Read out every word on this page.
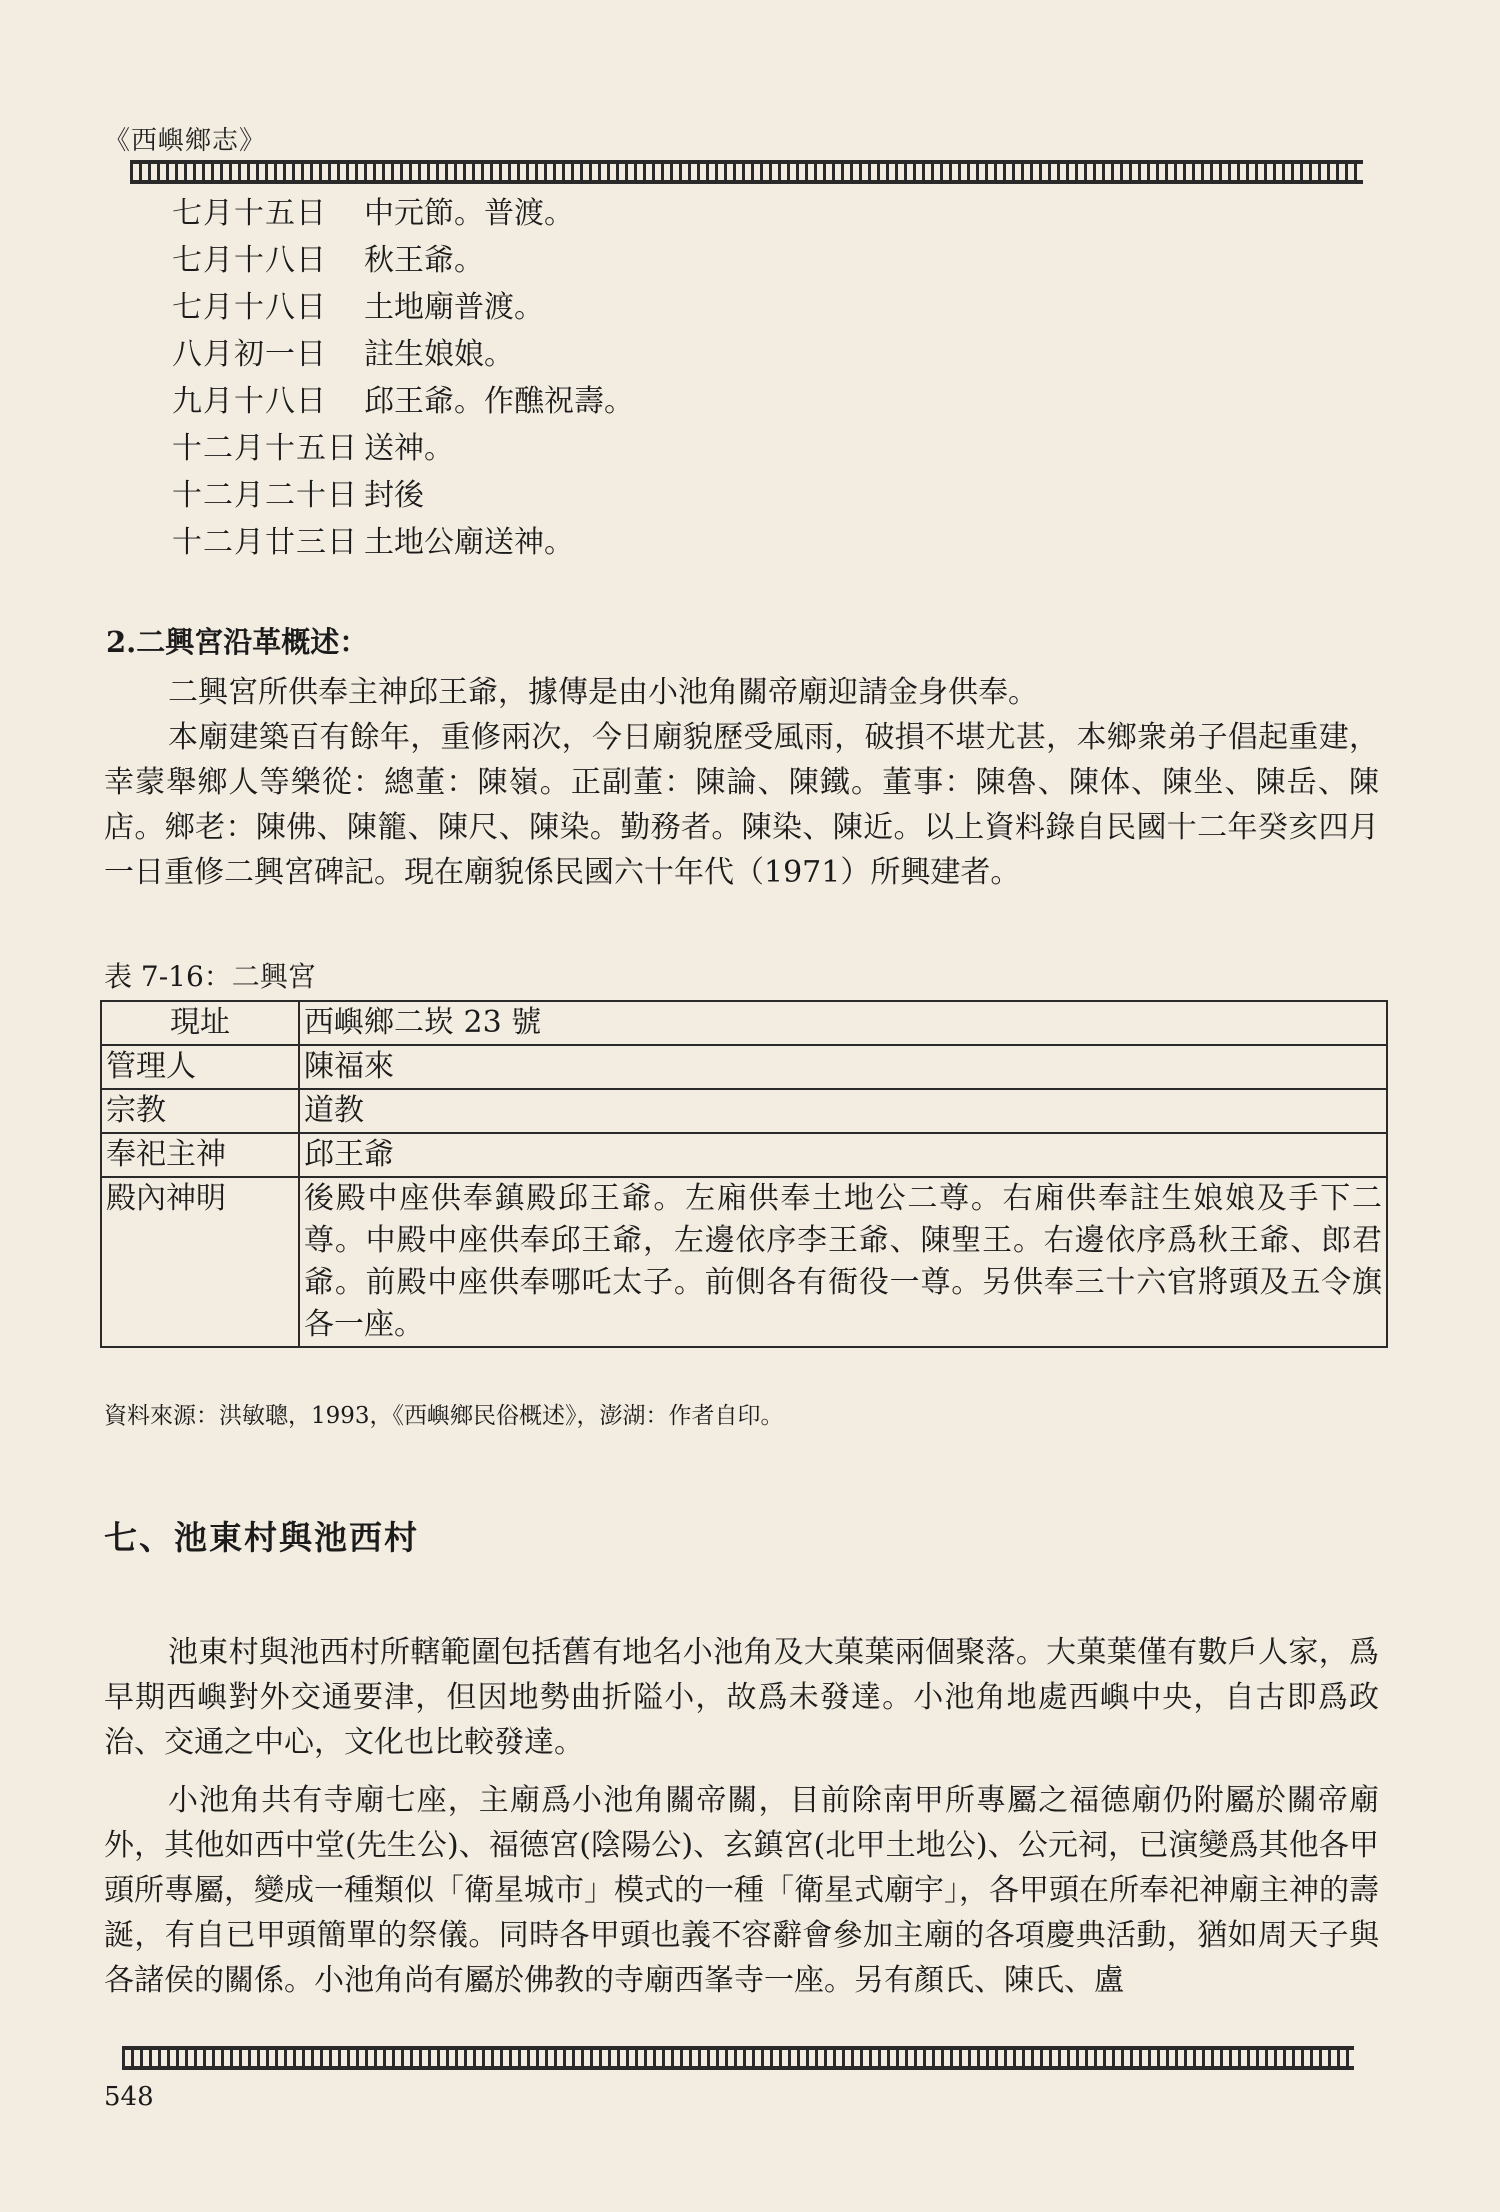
《西嶼鄉志》
七月十五日	中元節。普渡。
七月十八日	秋王爺。
七月十八日	土地廟普渡。
八月初一日	註生娘娘。
九月十八日	邱王爺。作醮祝壽。
十二月十五日 送神。
十二月二十日 封後
十二月廿三日 土地公廟送神。
2.二興宮沿革概述：

二興宮所供奉主神邱王爺，據傳是由小池角關帝廟迎請金身供奉。

本廟建築百有餘年，重修兩次，今日廟貌歷受風雨，破損不堪尤甚，本鄉衆弟子倡起重建，幸蒙舉鄉人等樂從：總董：陳嶺。正副董：陳論、陳鐵。董事：陳魯、陳体、陳坐、陳岳、陳店。鄉老：陳佛、陳籠、陳尺、陳染。勤務者。陳染、陳近。以上資料錄自民國十二年癸亥四月一日重修二興宮碑記。現在廟貌係民國六十年代（1971）所興建者。

表 7-16：二興宮
現址	西嶼鄉二崁 23 號
管理人	陳福來
宗教	道教
奉祀主神	邱王爺
殿內神明	後殿中座供奉鎮殿邱王爺。左廂供奉土地公二尊。右廂供奉註生娘娘及手下二尊。中殿中座供奉邱王爺，左邊依序李王爺、陳聖王。右邊依序爲秋王爺、郎君爺。前殿中座供奉哪吒太子。前側各有衙役一尊。另供奉三十六官將頭及五令旗各一座。
資料來源：洪敏聰，1993，《西嶼鄉民俗概述》，澎湖：作者自印。
七、池東村與池西村

池東村與池西村所轄範圍包括舊有地名小池角及大菓葉兩個聚落。大菓葉僅有數戶人家，爲早期西嶼對外交通要津，但因地勢曲折隘小，故爲未發達。小池角地處西嶼中央，自古即爲政治、交通之中心，文化也比較發達。

小池角共有寺廟七座，主廟爲小池角關帝關，目前除南甲所專屬之福德廟仍附屬於關帝廟外，其他如西中堂(先生公)、福德宮(陰陽公)、玄鎮宮(北甲土地公)、公元祠，已演變爲其他各甲頭所專屬，變成一種類似「衛星城市」模式的一種「衛星式廟宇」，各甲頭在所奉祀神廟主神的壽誕，有自已甲頭簡單的祭儀。同時各甲頭也義不容辭會參加主廟的各項慶典活動，猶如周天子與各諸侯的關係。小池角尚有屬於佛教的寺廟西峯寺一座。另有顏氏、陳氏、盧

548
